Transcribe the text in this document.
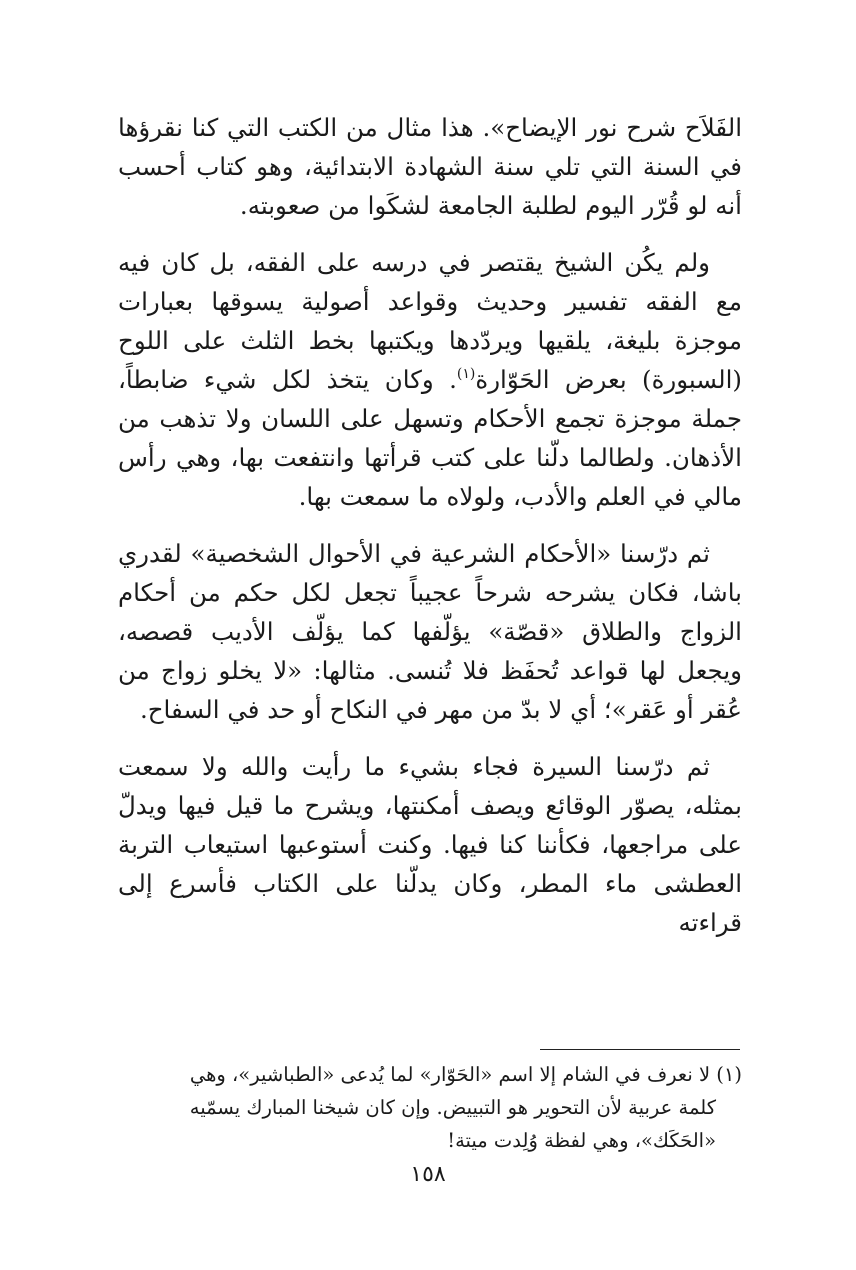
الفَلاَح شرح نور الإيضاح». هذا مثال من الكتب التي كنا نقرؤها في السنة التي تلي سنة الشهادة الابتدائية، وهو كتاب أحسب أنه لو قُرّر اليوم لطلبة الجامعة لشكَوا من صعوبته.

ولم يكُن الشيخ يقتصر في درسه على الفقه، بل كان فيه مع الفقه تفسير وحديث وقواعد أصولية يسوقها بعبارات موجزة بليغة، يلقيها ويردّدها ويكتبها بخط الثلث على اللوح (السبورة) بعرض الحَوّارة$^{(١)}$. وكان يتخذ لكل شيء ضابطاً، جملة موجزة تجمع الأحكام وتسهل على اللسان ولا تذهب من الأذهان. ولطالما دلّنا على كتب قرأتها وانتفعت بها، وهي رأس مالي في العلم والأدب، ولولاه ما سمعت بها.

ثم درّسنا «الأحكام الشرعية في الأحوال الشخصية» لقدري باشا، فكان يشرحه شرحاً عجيباً تجعل لكل حكم من أحكام الزواج والطلاق «قصّة» يؤلّفها كما يؤلّف الأديب قصصه، ويجعل لها قواعد تُحفَظ فلا تُنسى. مثالها: «لا يخلو زواج من عُقر أو عَقر»؛ أي لا بدّ من مهر في النكاح أو حد في السفاح.

ثم درّسنا السيرة فجاء بشيء ما رأيت والله ولا سمعت بمثله، يصوّر الوقائع ويصف أمكنتها، ويشرح ما قيل فيها ويدلّ على مراجعها، فكأننا كنا فيها. وكنت أستوعبها استيعاب التربة العطشى ماء المطر، وكان يدلّنا على الكتاب فأسرع إلى قراءته

(١) لا نعرف في الشام إلا اسم «الحَوّار» لما يُدعى «الطباشير»، وهي
كلمة عربية لأن التحوير هو التبييض. وإن كان شيخنا المبارك يسمّيه
«الحَكَك»، وهي لفظة وُلِدت ميتة!
١٥٨
